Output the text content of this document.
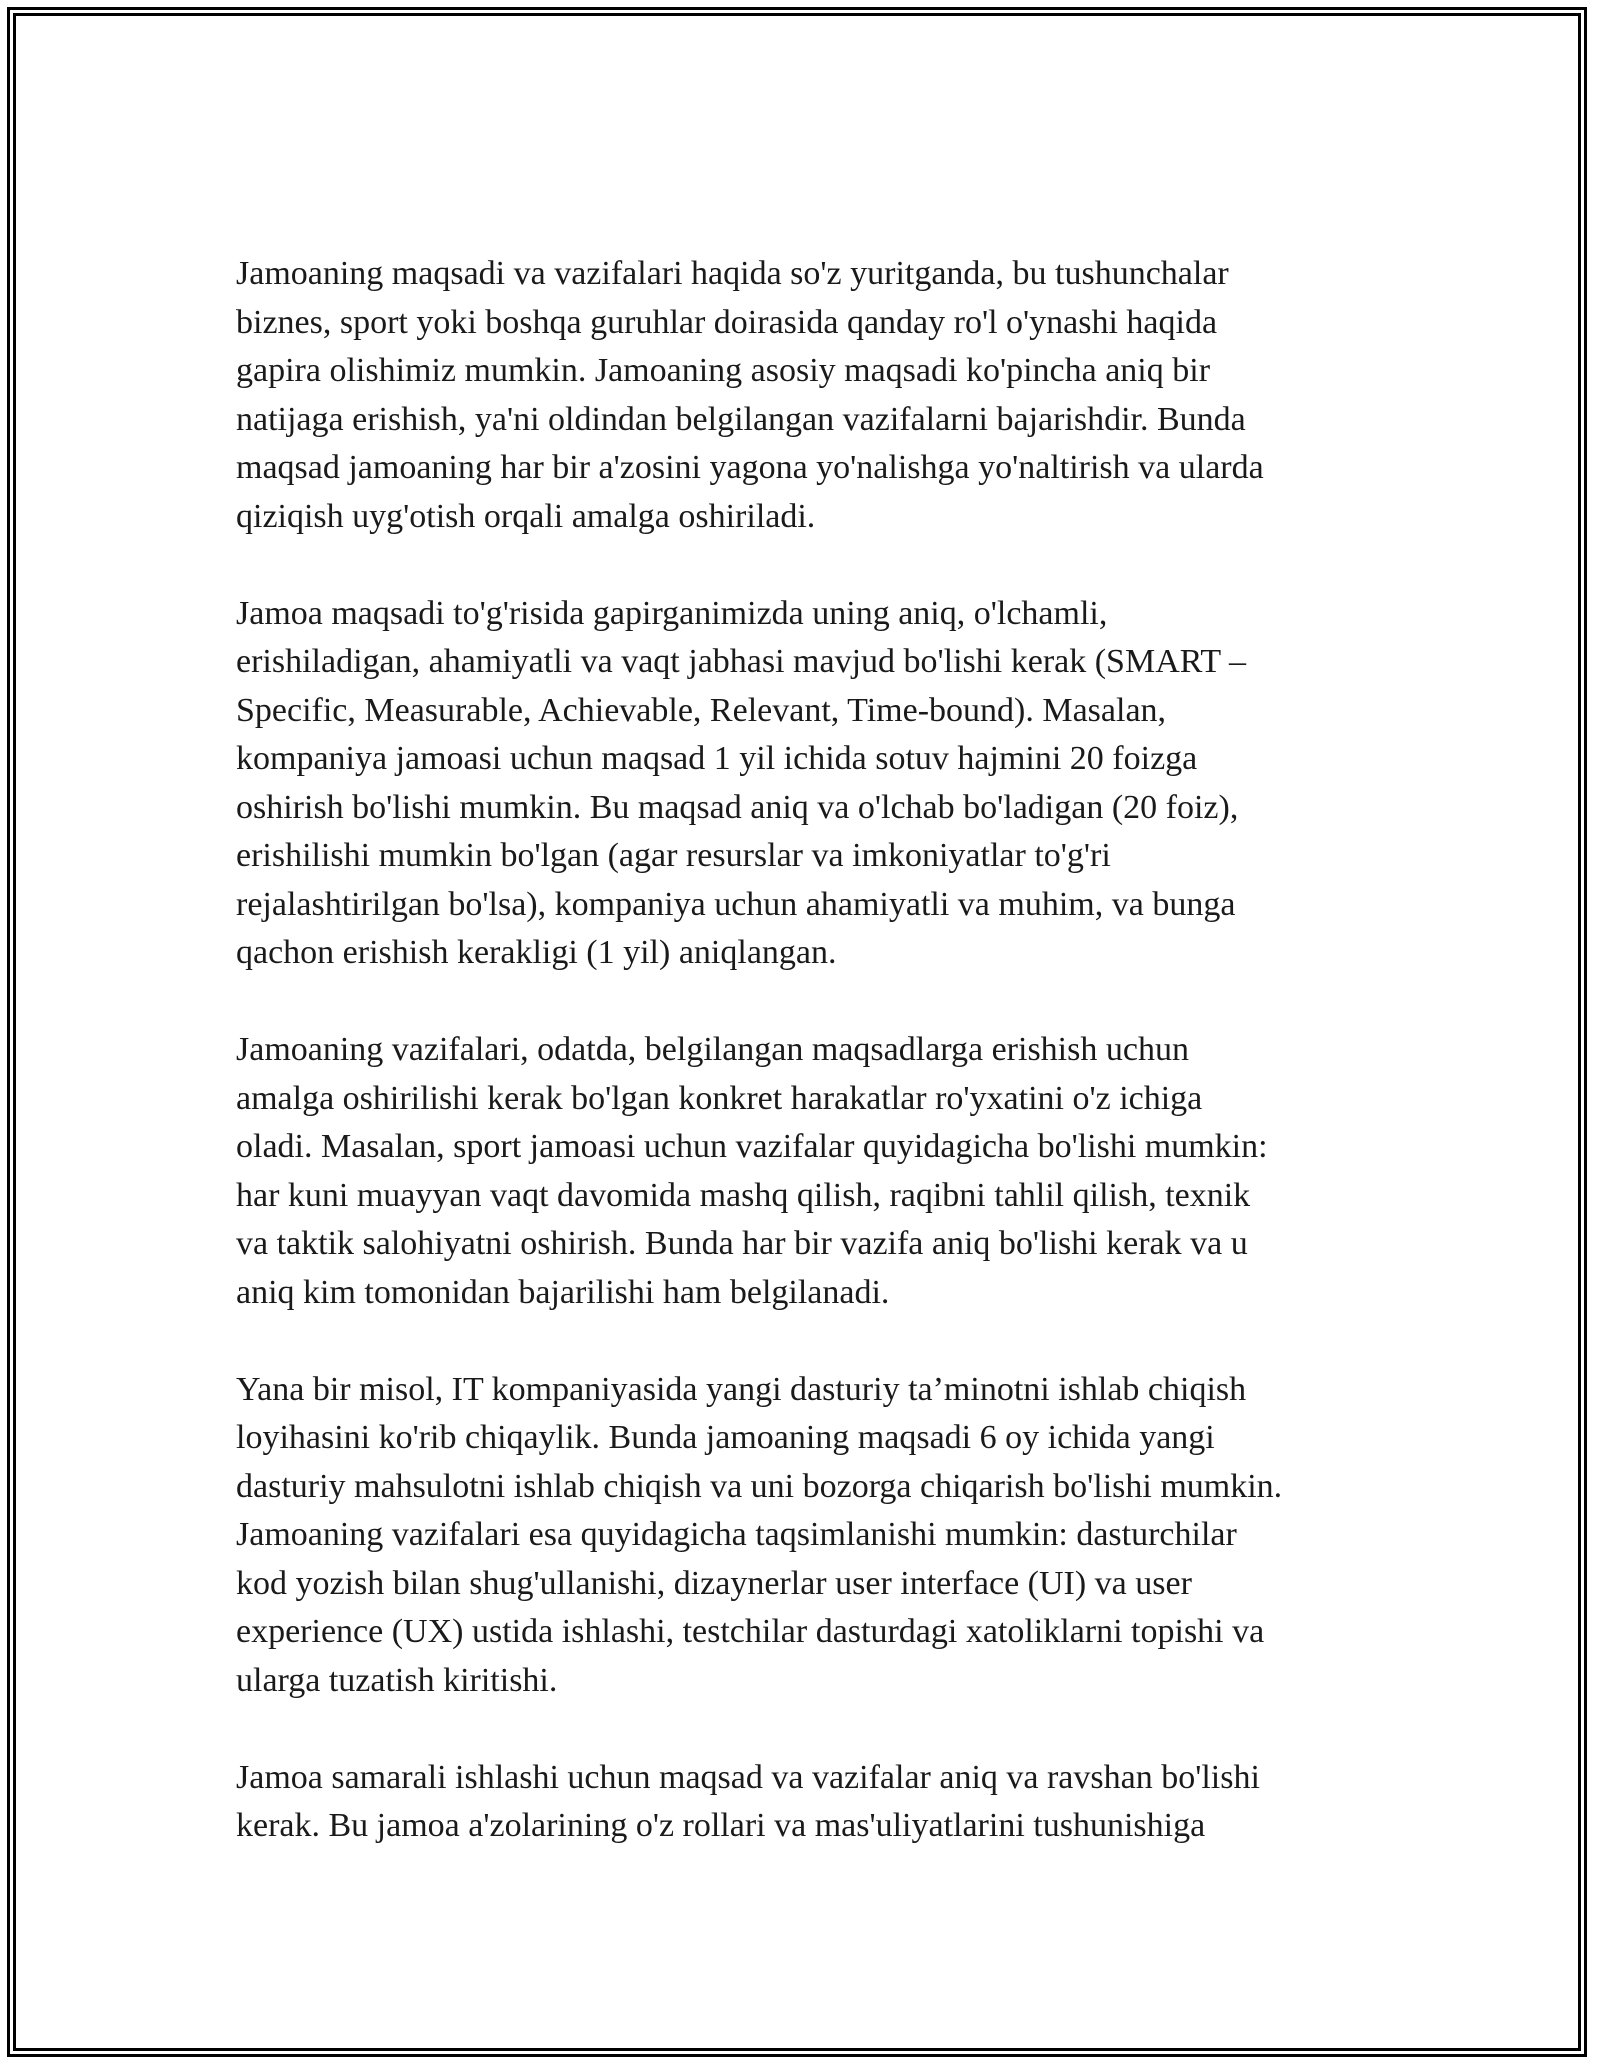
Jamoaning maqsadi va vazifalari haqida so'z yuritganda, bu tushunchalar
biznes, sport yoki boshqa guruhlar doirasida qanday ro'l o'ynashi haqida
gapira olishimiz mumkin. Jamoaning asosiy maqsadi ko'pincha aniq bir
natijaga erishish, ya'ni oldindan belgilangan vazifalarni bajarishdir. Bunda
maqsad jamoaning har bir a'zosini yagona yo'nalishga yo'naltirish va ularda
qiziqish uyg'otish orqali amalga oshiriladi.

Jamoa maqsadi to'g'risida gapirganimizda uning aniq, o'lchamli,
erishiladigan, ahamiyatli va vaqt jabhasi mavjud bo'lishi kerak (SMART –
Specific, Measurable, Achievable, Relevant, Time-bound). Masalan,
kompaniya jamoasi uchun maqsad 1 yil ichida sotuv hajmini 20 foizga
oshirish bo'lishi mumkin. Bu maqsad aniq va o'lchab bo'ladigan (20 foiz),
erishilishi mumkin bo'lgan (agar resurslar va imkoniyatlar to'g'ri
rejalashtirilgan bo'lsa), kompaniya uchun ahamiyatli va muhim, va bunga
qachon erishish kerakligi (1 yil) aniqlangan.

Jamoaning vazifalari, odatda, belgilangan maqsadlarga erishish uchun
amalga oshirilishi kerak bo'lgan konkret harakatlar ro'yxatini o'z ichiga
oladi. Masalan, sport jamoasi uchun vazifalar quyidagicha bo'lishi mumkin:
har kuni muayyan vaqt davomida mashq qilish, raqibni tahlil qilish, texnik
va taktik salohiyatni oshirish. Bunda har bir vazifa aniq bo'lishi kerak va u
aniq kim tomonidan bajarilishi ham belgilanadi.

Yana bir misol, IT kompaniyasida yangi dasturiy ta’minotni ishlab chiqish
loyihasini ko'rib chiqaylik. Bunda jamoaning maqsadi 6 oy ichida yangi
dasturiy mahsulotni ishlab chiqish va uni bozorga chiqarish bo'lishi mumkin.
Jamoaning vazifalari esa quyidagicha taqsimlanishi mumkin: dasturchilar
kod yozish bilan shug'ullanishi, dizaynerlar user interface (UI) va user
experience (UX) ustida ishlashi, testchilar dasturdagi xatoliklarni topishi va
ularga tuzatish kiritishi.

Jamoa samarali ishlashi uchun maqsad va vazifalar aniq va ravshan bo'lishi
kerak. Bu jamoa a'zolarining o'z rollari va mas'uliyatlarini tushunishiga
